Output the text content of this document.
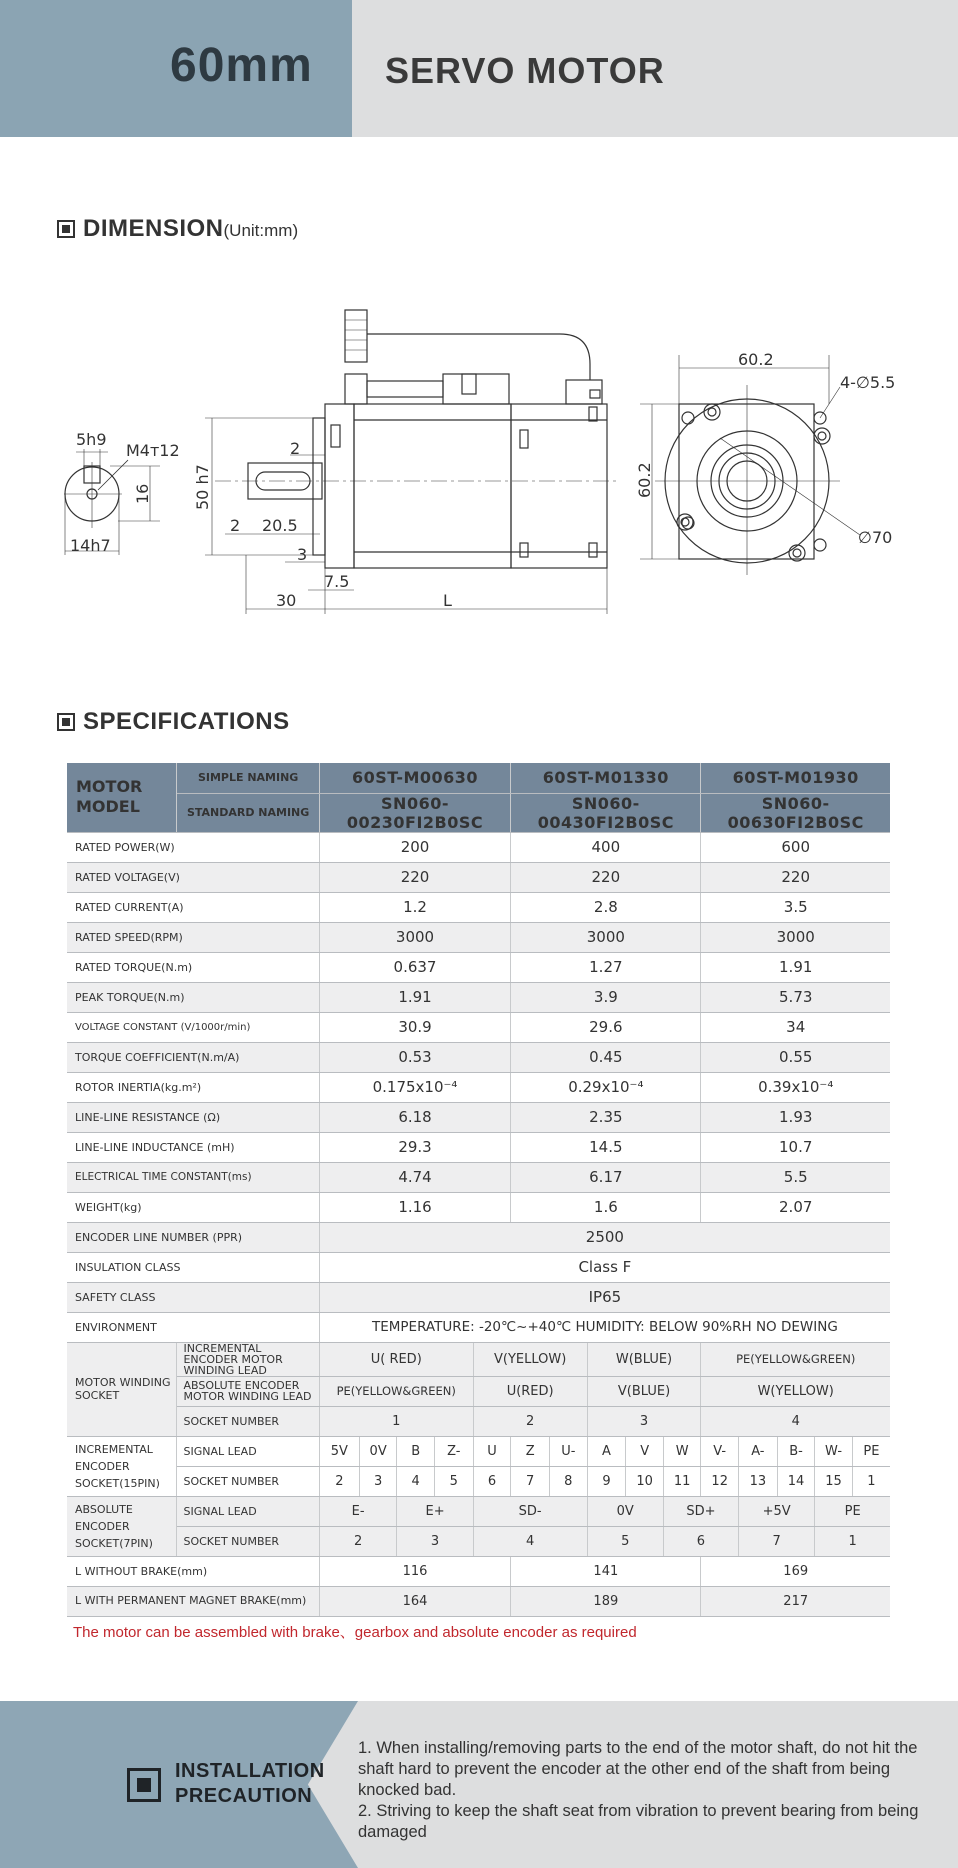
60mm SERVO MOTOR
DIMENSION (Unit:mm)
5h9
M4ᴛ12
16
14h7
50 h7
2
2 20.5
3
7.5
30	L
60.2
60.2
4-∅5.5
∅70
SPECIFICATIONS
MOTOR MODEL	SIMPLE NAMING	60ST-M00630					60ST-M01330					60ST-M01930				
	STANDARD NAMING	SN060-00230FI2B0SC					SN060-00430FI2B0SC					SN060-00630FI2B0SC				
RATED POWER(W)		200					400					600				
RATED VOLTAGE(V)		220					220					220				
RATED CURRENT(A)		1.2					2.8					3.5				
RATED SPEED(RPM)		3000					3000					3000				
RATED TORQUE(N.m)		0.637					1.27					1.91				
PEAK TORQUE(N.m)		1.91					3.9					5.73				
VOLTAGE CONSTANT (V/1000r/min)		30.9					29.6					34				
TORQUE COEFFICIENT(N.m/A)		0.53					0.45					0.55				
ROTOR INERTIA(kg.m²)		0.175x10⁻⁴					0.29x10⁻⁴					0.39x10⁻⁴				
LINE-LINE RESISTANCE (Ω)		6.18					2.35					1.93				
LINE-LINE INDUCTANCE (mH)		29.3					14.5					10.7				
ELECTRICAL TIME CONSTANT(ms)		4.74					6.17					5.5				
WEIGHT(kg)		1.16					1.6					2.07				
ENCODER LINE NUMBER (PPR)		2500														
INSULATION CLASS		Class F														
SAFETY CLASS		IP65														
ENVIRONMENT		TEMPERATURE: -20℃~+40℃ HUMIDITY: BELOW 90%RH NO DEWING														
MOTOR WINDING SOCKET	INCREMENTAL ENCODER MOTOR WINDING LEAD	U( RED)				V(YELLOW)			W(BLUE)			PE(YELLOW&GREEN)				
	ABSOLUTE ENCODER MOTOR WINDING LEAD	PE(YELLOW&GREEN)				U(RED)			V(BLUE)			W(YELLOW)				
	SOCKET NUMBER	1				2			3			4				
INCREMENTAL ENCODER SOCKET(15PIN)	SIGNAL LEAD	5V	0V	B	Z-	U	Z	U-	A	V	W	V-	A-	B-	W-	PE
	SOCKET NUMBER	2	3	4	5	6	7	8	9	10	11	12	13	14	15	1
ABSOLUTE ENCODER SOCKET(7PIN)	SIGNAL LEAD	E-		E+		SD-			0V		SD+		+5V		PE	
	SOCKET NUMBER	2		3		4			5		6		7		1	
L WITHOUT BRAKE(mm)		116					141					169				
L WITH PERMANENT MAGNET BRAKE(mm)		164					189					217				
The motor can be assembled with brake、gearbox and absolute encoder as required
INSTALLATION
PRECAUTION
1. When installing/removing parts to the end of the motor shaft, do not hit the shaft hard to prevent the encoder at the other end of the shaft from being knocked bad.
2. Striving to keep the shaft seat from vibration to prevent bearing from being damaged
